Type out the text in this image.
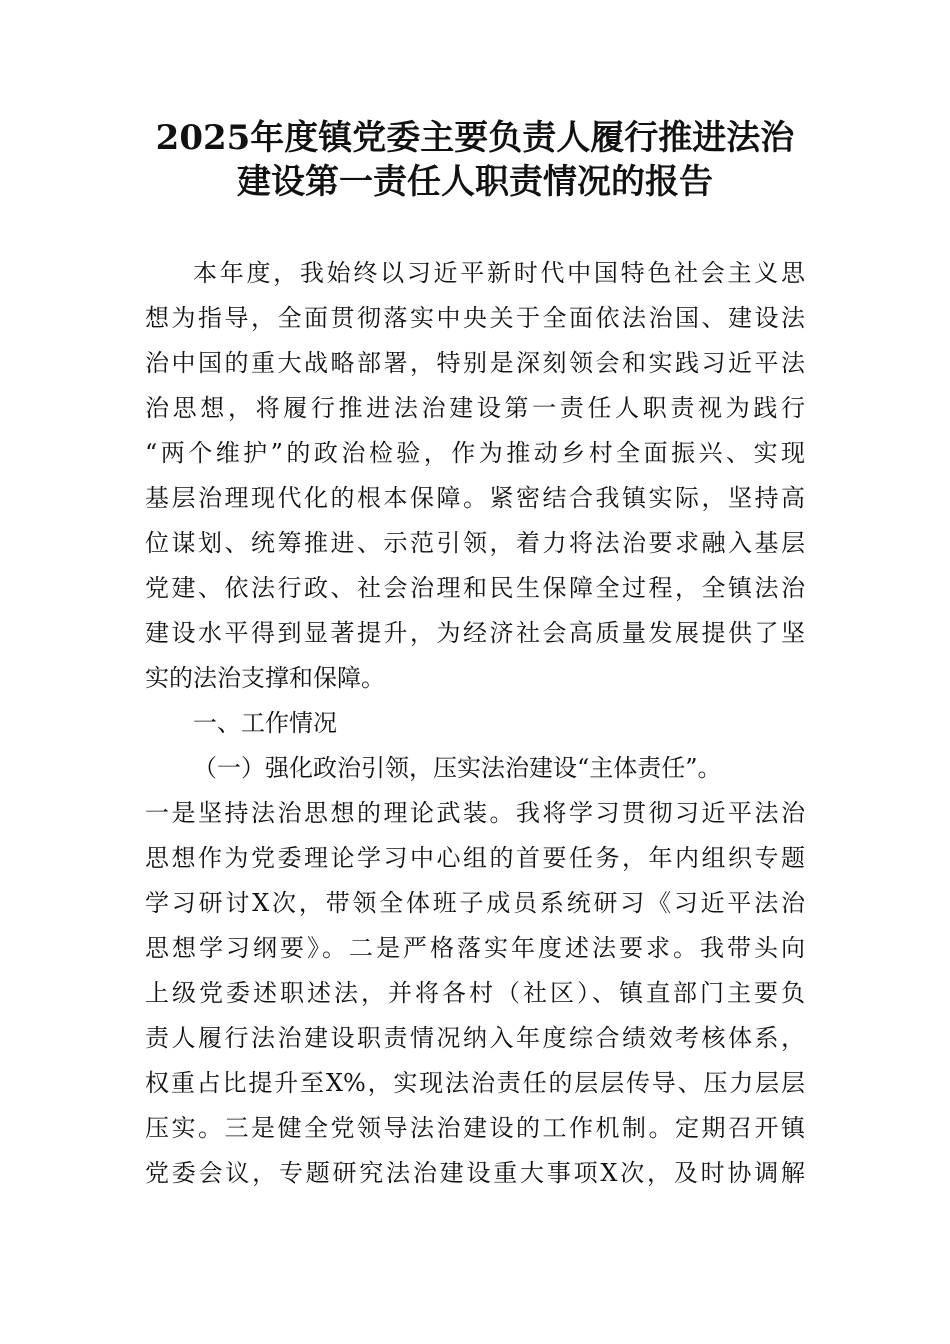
2025年度镇党委主要负责人履行推进法治
建设第一责任人职责情况的报告
本年度，我始终以习近平新时代中国特色社会主义思
想为指导，全面贯彻落实中央关于全面依法治国、建设法
治中国的重大战略部署，特别是深刻领会和实践习近平法
治思想，将履行推进法治建设第一责任人职责视为践行
“两个维护”的政治检验，作为推动乡村全面振兴、实现
基层治理现代化的根本保障。紧密结合我镇实际，坚持高
位谋划、统筹推进、示范引领，着力将法治要求融入基层
党建、依法行政、社会治理和民生保障全过程，全镇法治
建设水平得到显著提升，为经济社会高质量发展提供了坚
实的法治支撑和保障。
一、工作情况
（一）强化政治引领，压实法治建设“主体责任”。
一是坚持法治思想的理论武装。我将学习贯彻习近平法治
思想作为党委理论学习中心组的首要任务，年内组织专题
学习研讨X次，带领全体班子成员系统研习《习近平法治
思想学习纲要》。二是严格落实年度述法要求。我带头向
上级党委述职述法，并将各村（社区）、镇直部门主要负
责人履行法治建设职责情况纳入年度综合绩效考核体系，
权重占比提升至X%，实现法治责任的层层传导、压力层层
压实。三是健全党领导法治建设的工作机制。定期召开镇
党委会议，专题研究法治建设重大事项X次，及时协调解
